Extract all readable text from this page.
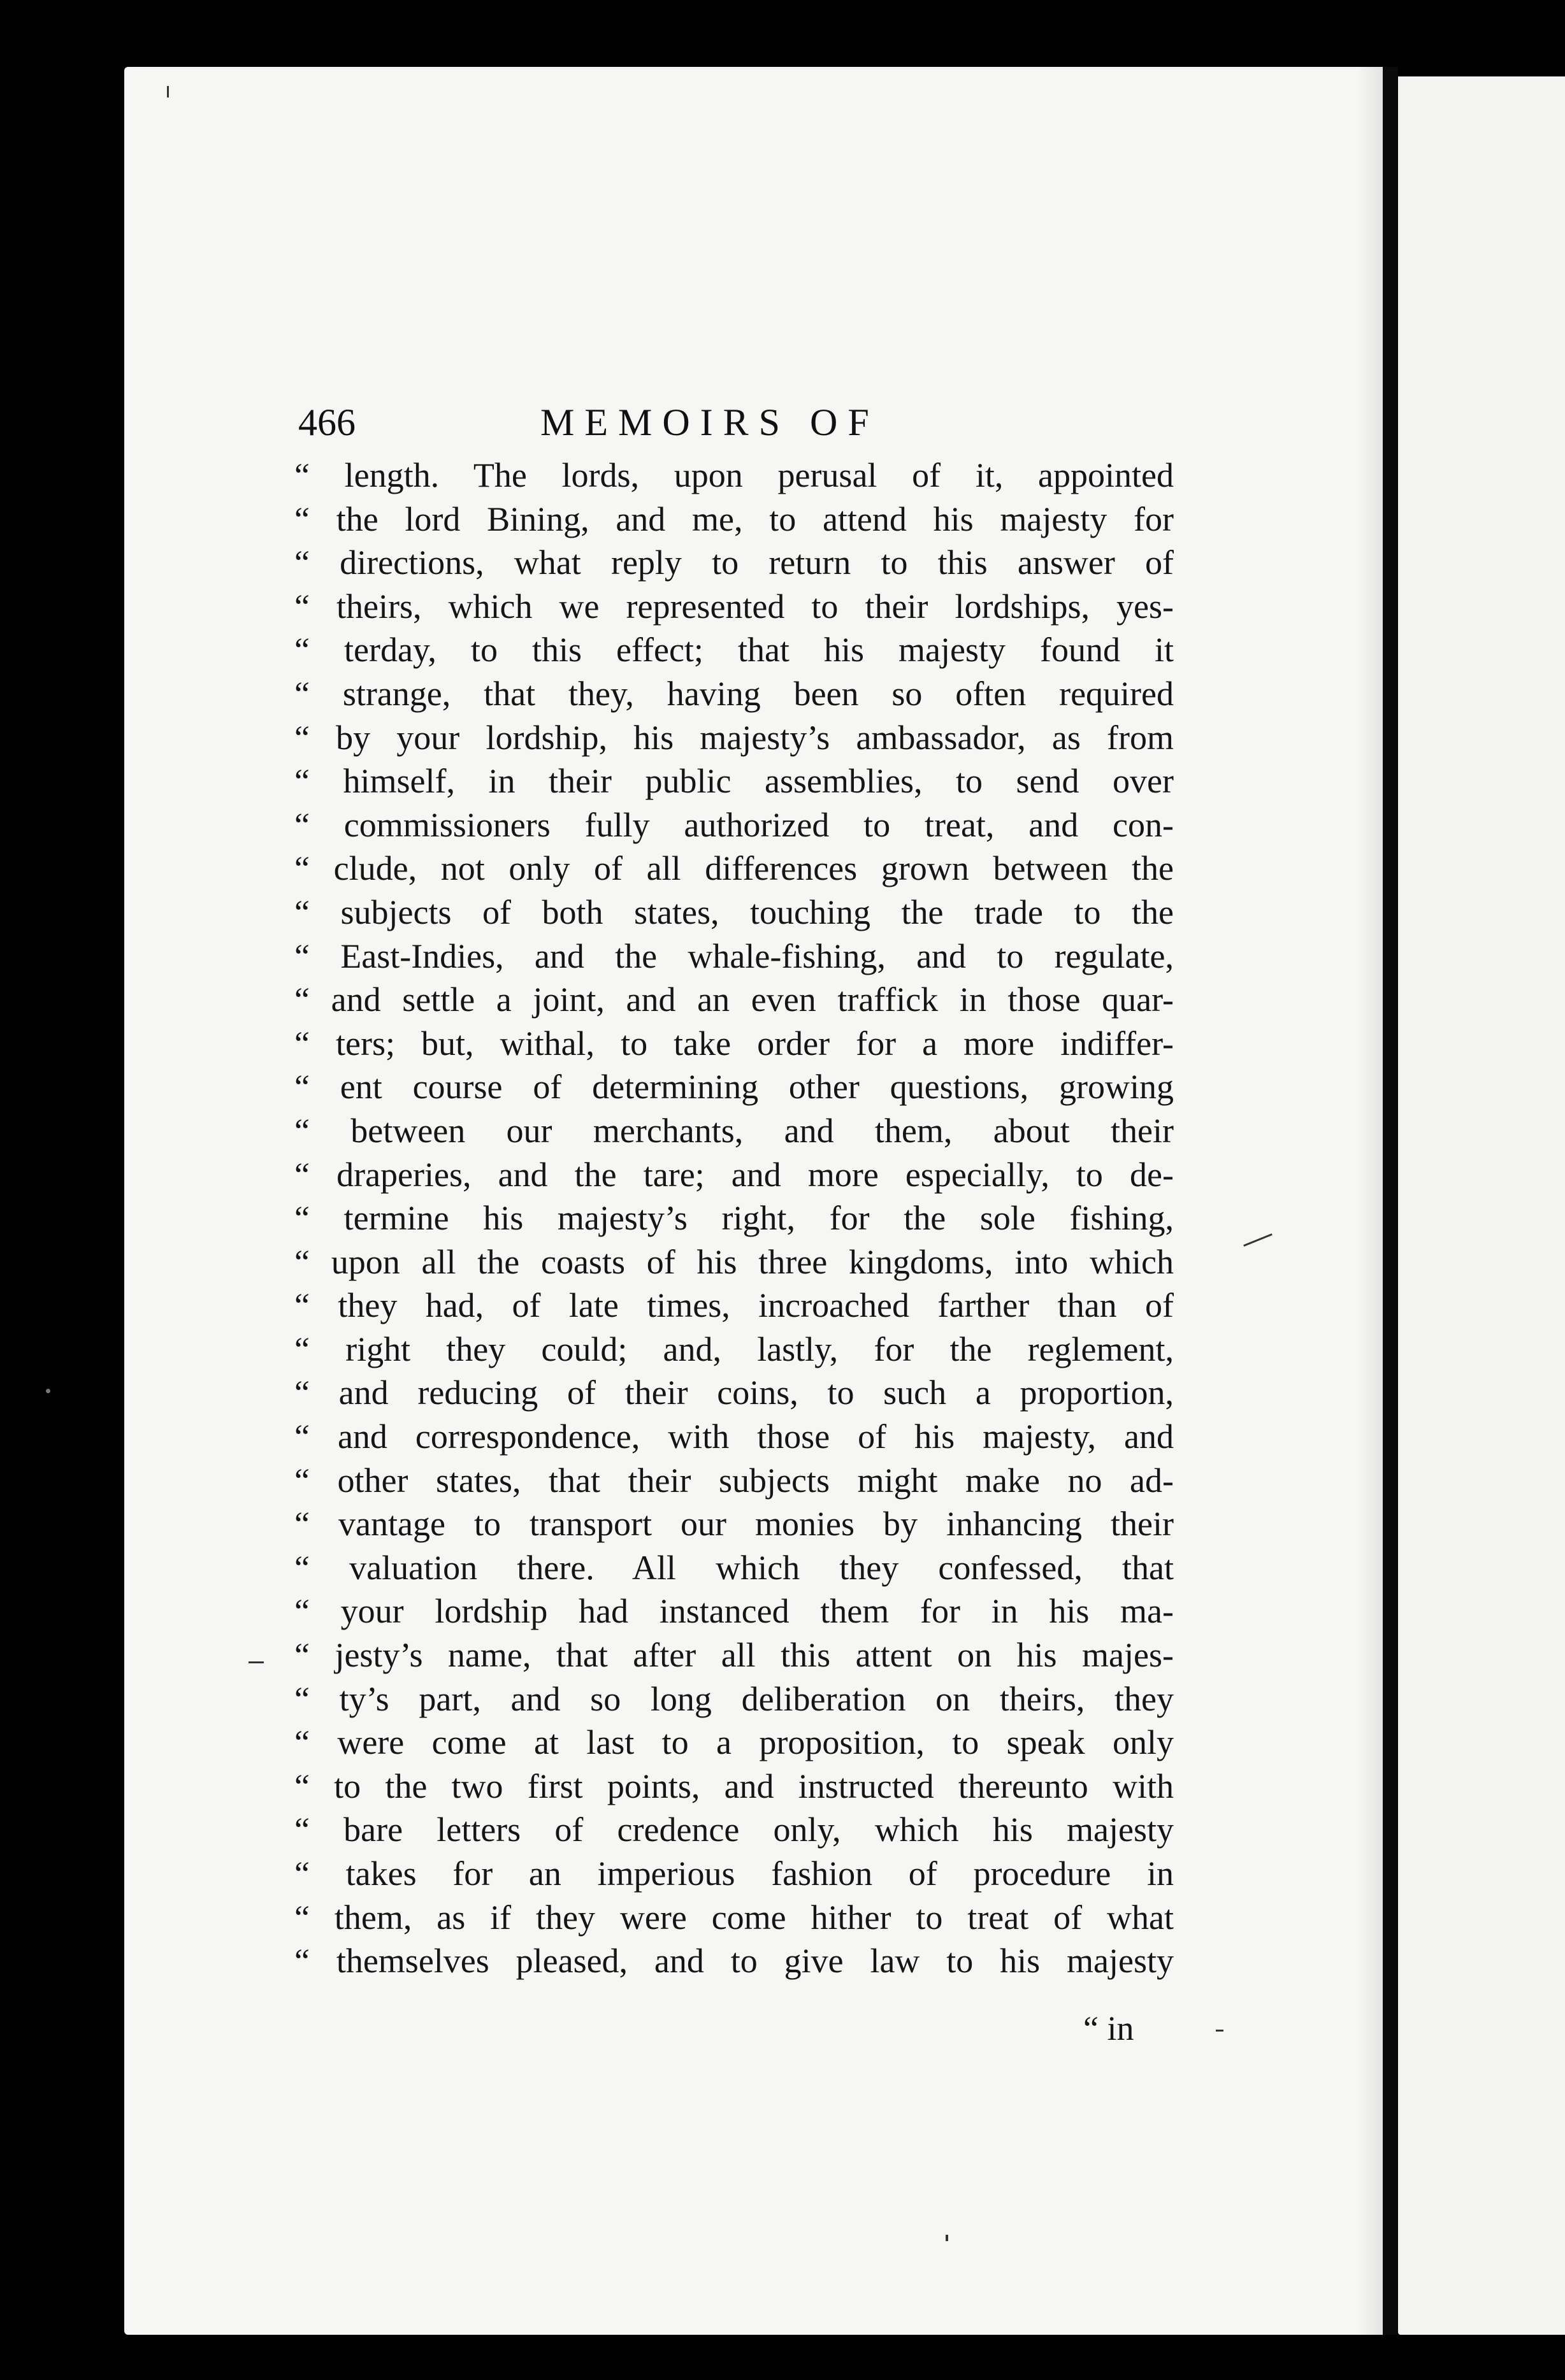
466	MEMOIRS OF
“ length. The lords, upon perusal of it, appointed
“ the lord Bining, and me, to attend his majesty for
“ directions, what reply to return to this answer of
“ theirs, which we represented to their lordships, yes-
“ terday, to this effect; that his majesty found it
“ strange, that they, having been so often required
“ by your lordship, his majesty’s ambassador, as from
“ himself, in their public assemblies, to send over
“ commissioners fully authorized to treat, and con-
“ clude, not only of all differences grown between the
“ subjects of both states, touching the trade to the
“ East-Indies, and the whale-fishing, and to regulate,
“ and settle a joint, and an even traffick in those quar-
“ ters; but, withal, to take order for a more indiffer-
“ ent course of determining other questions, growing
“ between our merchants, and them, about their
“ draperies, and the tare; and more especially, to de-
“ termine his majesty’s right, for the sole fishing,
“ upon all the coasts of his three kingdoms, into which
“ they had, of late times, incroached farther than of
“ right they could; and, lastly, for the reglement,
“ and reducing of their coins, to such a proportion,
“ and correspondence, with those of his majesty, and
“ other states, that their subjects might make no ad-
“ vantage to transport our monies by inhancing their
“ valuation there. All which they confessed, that
“ your lordship had instanced them for in his ma-
“ jesty’s name, that after all this attent on his majes-
“ ty’s part, and so long deliberation on theirs, they
“ were come at last to a proposition, to speak only
“ to the two first points, and instructed thereunto with
“ bare letters of credence only, which his majesty
“ takes for an imperious fashion of procedure in
“ them, as if they were come hither to treat of what
“ themselves pleased, and to give law to his majesty
“ in
